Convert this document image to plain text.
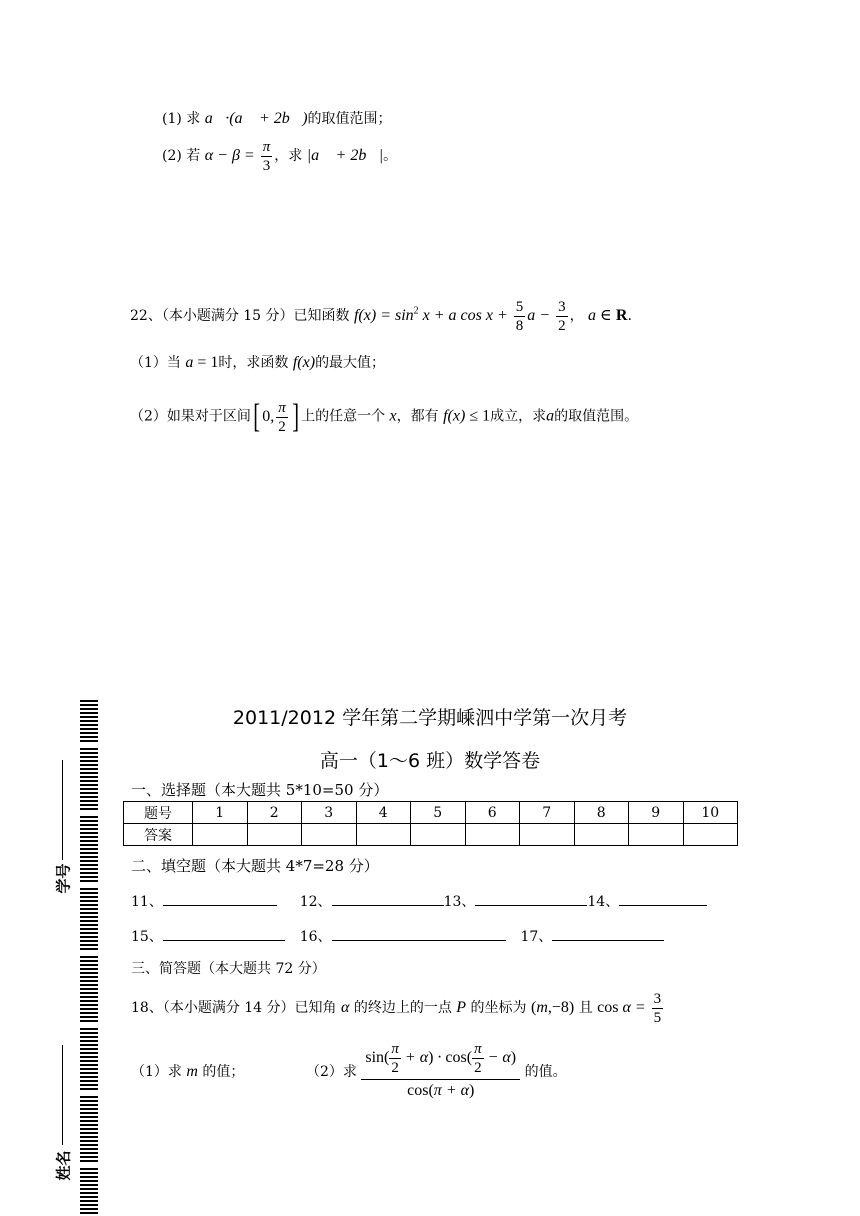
(1) 求 a⃗·(a⃗ + 2b⃗)的取值范围；
(2) 若 $\alpha - \beta = \frac{\pi}{3}$ ，求 |a⃗ + 2b⃗|。
22、（本小题满分 15 分）已知函数 $f(x) = \sin^2 x + a$ $\cos x + \frac{5}{8}$ $a - \frac{3}{2}$ ， a ∈ R.
（1）当 a = 1时，求函数 f(x)的最大值；
（2）如果对于区间[ 0, $\frac{\pi}{2}$ ] 上的任意一个 x，都有 f(x) ≤ 1成立，求a的取值范围。
学号
姓名
2011/2012 学年第二学期嵊泗中学第一次月考
高一（1～6 班）数学答卷
一、选择题（本大题共 5*10=50 分）
题号	1	2	3	4	5	6	7	8	9	10
答案										
二、填空题（本大题共 4*7=28 分）
11、	12、	13、	14、
15、	16、	17、
三、简答题（本大题共 72 分）
18、（本小题满分 14 分）已知角 α 的终边上的一点 P 的坐标为 (m,−8) 且 $\cos \alpha = \frac{3}{5}$
（1）求 m 的值；	（2）求 $\frac{\sin( \frac{\pi}{2} + \alpha) \cdot \cos( \frac{\pi}{2} - \alpha)}{\cos(\pi + \alpha)}$ 的值。
